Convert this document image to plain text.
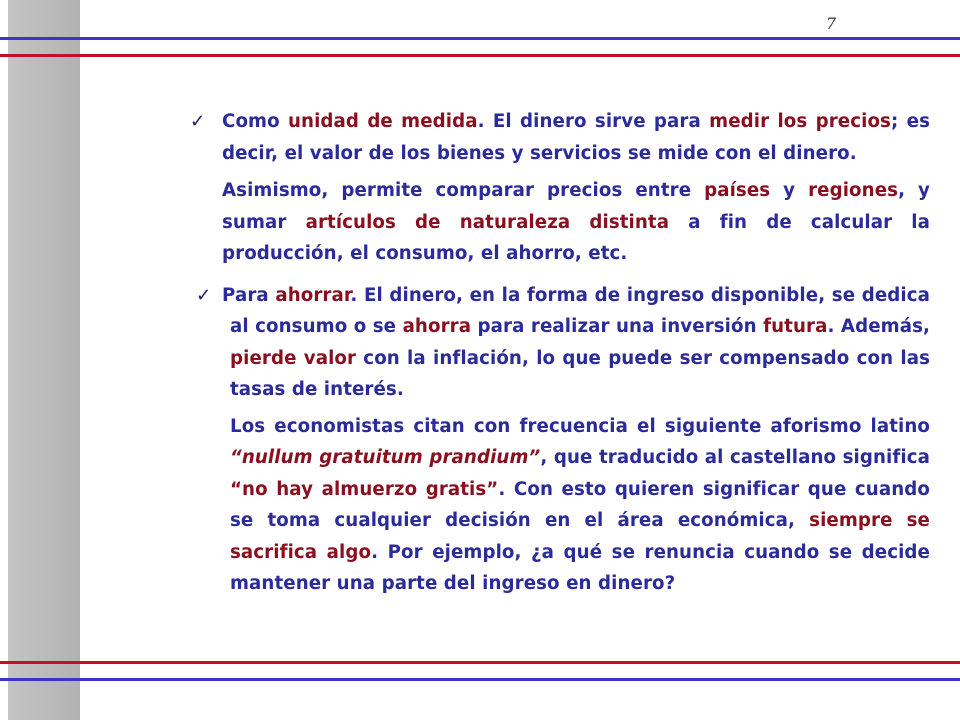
7
✓ Como unidad de medida. El dinero sirve para medir los precios; es decir, el valor de los bienes y servicios se mide con el dinero.

Asimismo, permite comparar precios entre países y regiones, y sumar artículos de naturaleza distinta a fin de calcular la producción, el consumo, el ahorro, etc.

✓ Para ahorrar. El dinero, en la forma de ingreso disponible, se dedica al consumo o se ahorra para realizar una inversión futura. Además, pierde valor con la inflación, lo que puede ser compensado con las tasas de interés.

Los economistas citan con frecuencia el siguiente aforismo latino “nullum gratuitum prandium”, que traducido al castellano significa “no hay almuerzo gratis”. Con esto quieren significar que cuando se toma cualquier decisión en el área económica, siempre se sacrifica algo. Por ejemplo, ¿a qué se renuncia cuando se decide mantener una parte del ingreso en dinero?
